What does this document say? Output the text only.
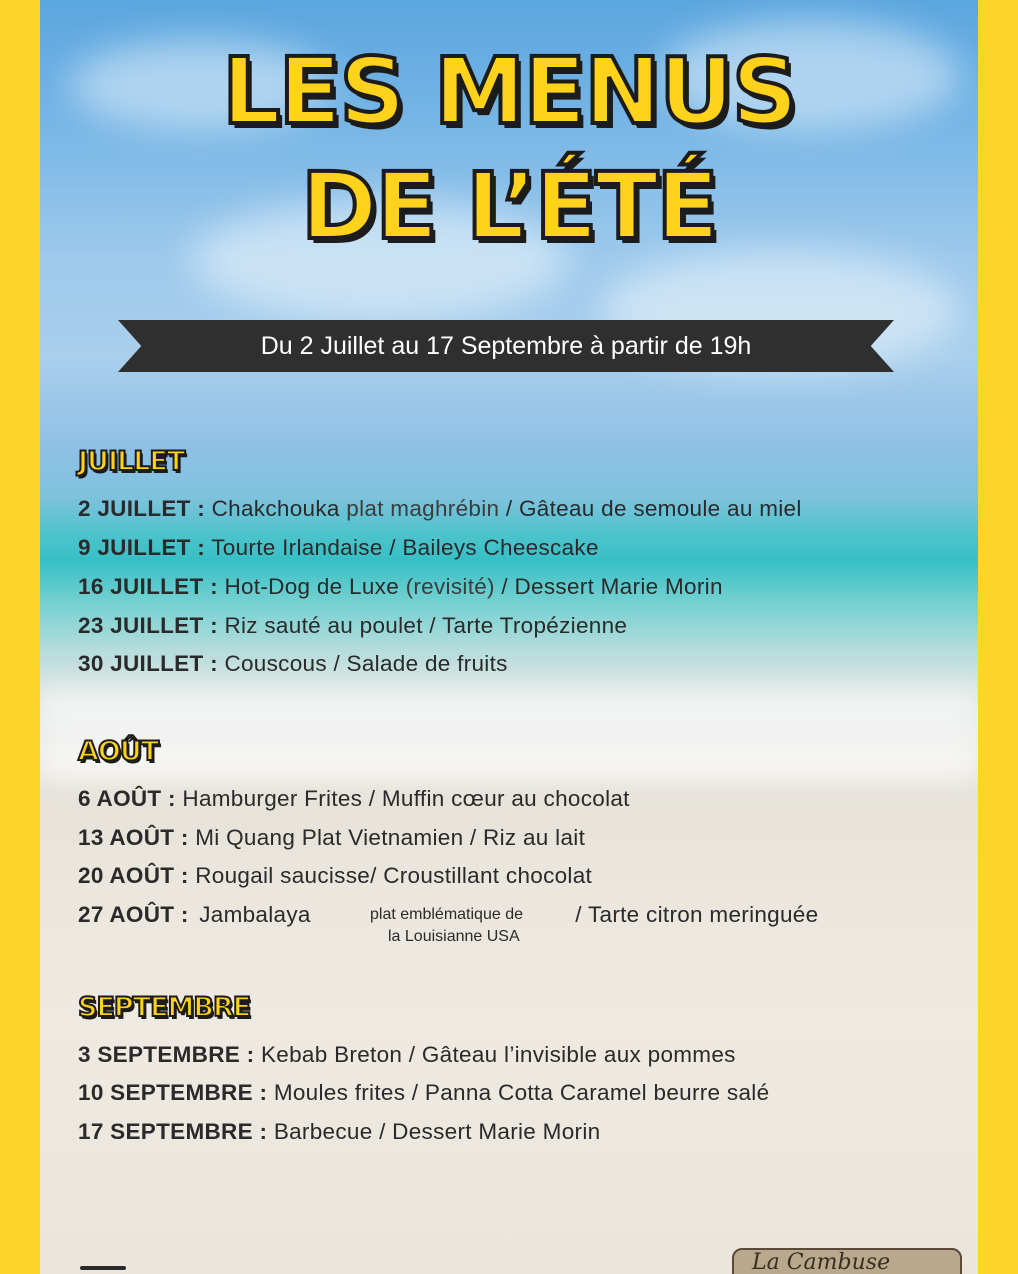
LES MENUS
DE L’ÉTÉ
Du 2 Juillet au 17 Septembre à partir de 19h
JUILLET
2 JUILLET : Chakchouka plat maghrébin / Gâteau de semoule au miel
9 JUILLET : Tourte Irlandaise / Baileys Cheescake
16 JUILLET : Hot-Dog de Luxe (revisité) / Dessert Marie Morin
23 JUILLET : Riz sauté au poulet / Tarte Tropézienne
30 JUILLET : Couscous / Salade de fruits
AOÛT
6 AOÛT : Hamburger Frites / Muffin cœur au chocolat
13 AOÛT : Mi Quang Plat Vietnamien / Riz au lait
20 AOÛT : Rougail saucisse/ Croustillant chocolat
27 AOÛT : Jambalaya	/ Tarte citron meringuée
plat emblématique de
la Louisianne USA
SEPTEMBRE
3 SEPTEMBRE : Kebab Breton / Gâteau l’invisible aux pommes
10 SEPTEMBRE : Moules frites / Panna Cotta Caramel beurre salé
17 SEPTEMBRE : Barbecue / Dessert Marie Morin
La Cambuse
